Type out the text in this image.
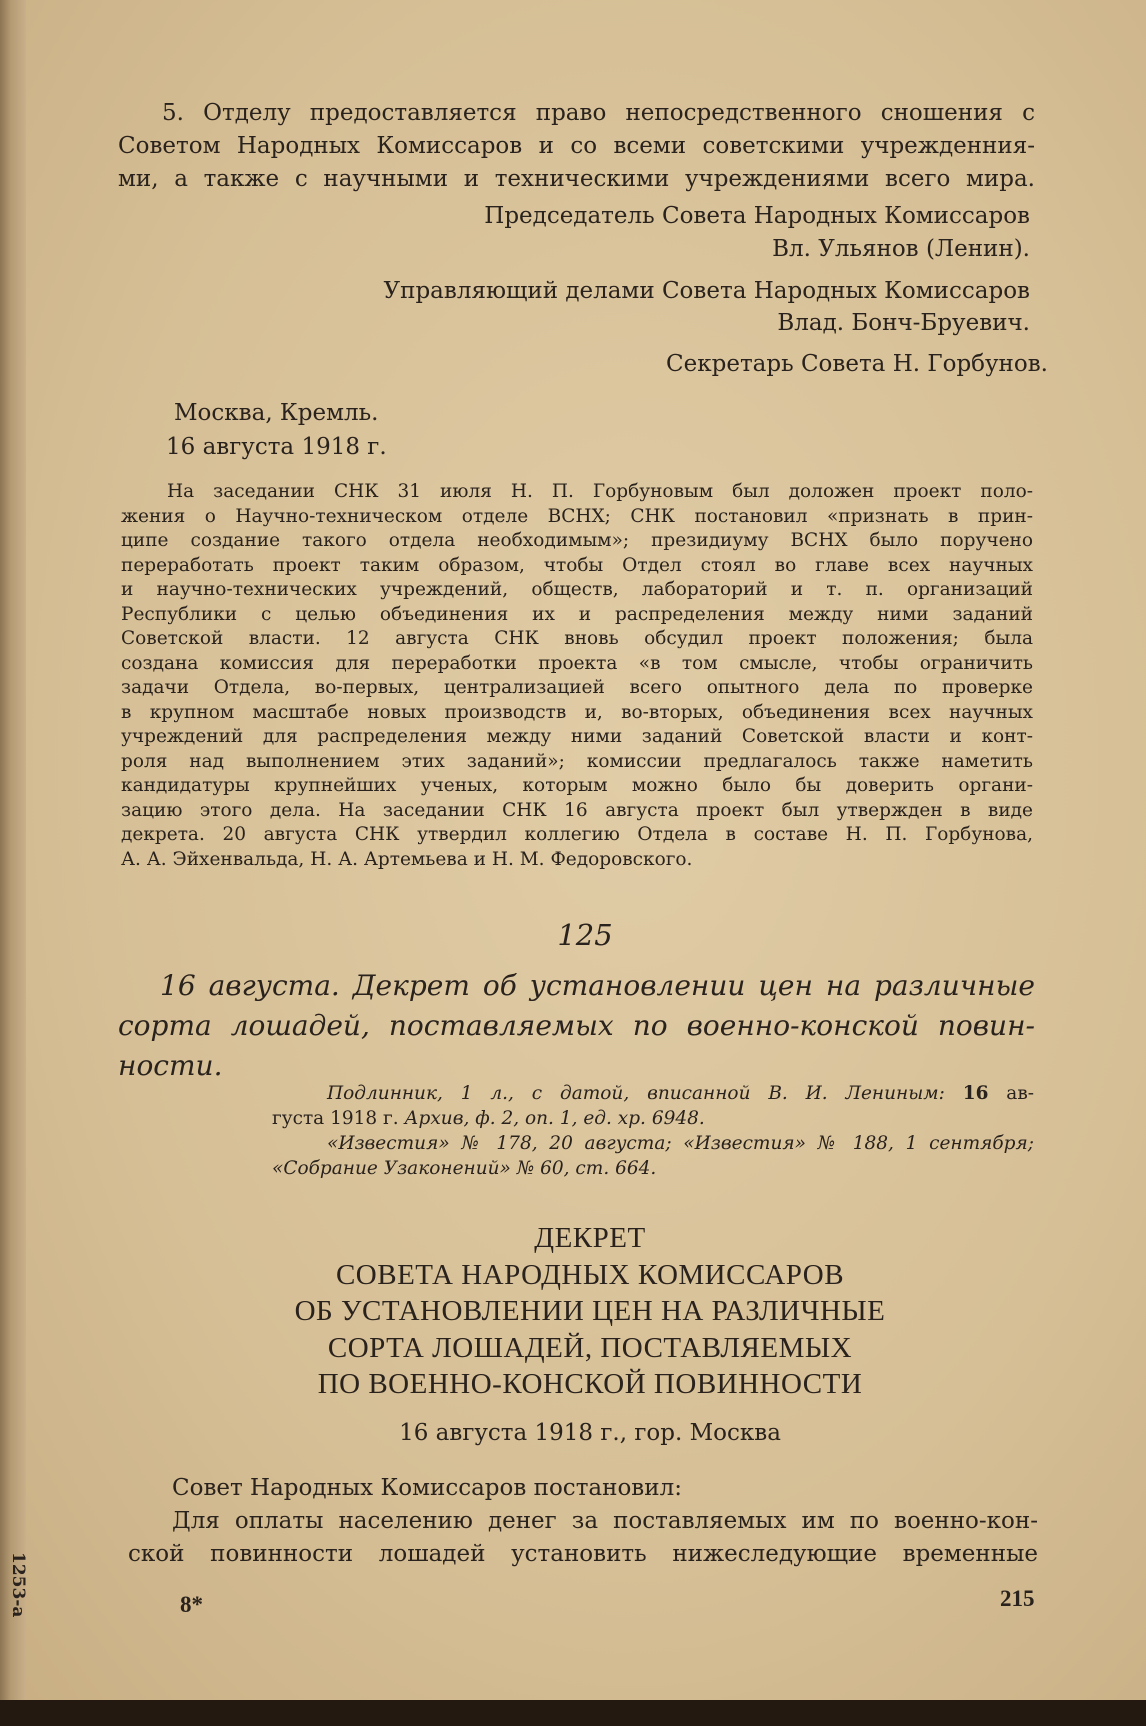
5. Отделу предоставляется право непосредственного сношения с
Советом Народных Комиссаров и со всеми советскими учрежденния-
ми, а также с научными и техническими учреждениями всего мира.
Председатель Совета Народных Комиссаров
Вл. Ульянов (Ленин).
Управляющий делами Совета Народных Комиссаров
Влад. Бонч-Бруевич.
Секретарь Совета Н. Горбунов.
Москва, Кремль.
16 августа 1918 г.
На заседании СНК 31 июля Н. П. Горбуновым был доложен проект поло-
жения о Научно-техническом отделе ВСНХ; СНК постановил «признать в прин-
ципе создание такого отдела необходимым»; президиуму ВСНХ было поручено
переработать проект таким образом, чтобы Отдел стоял во главе всех научных
и научно-технических учреждений, обществ, лабораторий и т. п. организаций
Республики с целью объединения их и распределения между ними заданий
Советской власти. 12 августа СНК вновь обсудил проект положения; была
создана комиссия для переработки проекта «в том смысле, чтобы ограничить
задачи Отдела, во-первых, централизацией всего опытного дела по проверке
в крупном масштабе новых производств и, во-вторых, объединения всех научных
учреждений для распределения между ними заданий Советской власти и конт-
роля над выполнением этих заданий»; комиссии предлагалось также наметить
кандидатуры крупнейших ученых, которым можно было бы доверить органи-
зацию этого дела. На заседании СНК 16 августа проект был утвержден в виде
декрета. 20 августа СНК утвердил коллегию Отдела в составе Н. П. Горбунова,
А. А. Эйхенвальда, Н. А. Артемьева и Н. М. Федоровского.
125
16 августа. Декрет об установлении цен на различные
сорта лошадей, поставляемых по военно-конской повин-
ности.
Подлинник, 1 л., с датой, вписанной В. И. Лениным: 16 ав-
густа 1918 г. Архив, ф. 2, оп. 1, ед. хр. 6948.
«Известия» № 178, 20 августа; «Известия» № 188, 1 сентября;
«Собрание Узаконений» № 60, ст. 664.
ДЕКРЕТ
СОВЕТА НАРОДНЫХ КОМИССАРОВ
ОБ УСТАНОВЛЕНИИ ЦЕН НА РАЗЛИЧНЫЕ
СОРТА ЛОШАДЕЙ, ПОСТАВЛЯЕМЫХ
ПО ВОЕННО-КОНСКОЙ ПОВИННОСТИ
16 августа 1918 г., гор. Москва
Совет Народных Комиссаров постановил:
Для оплаты населению денег за поставляемых им по военно-кон-
ской повинности лошадей установить нижеследующие временные
8*	215
1253-а
